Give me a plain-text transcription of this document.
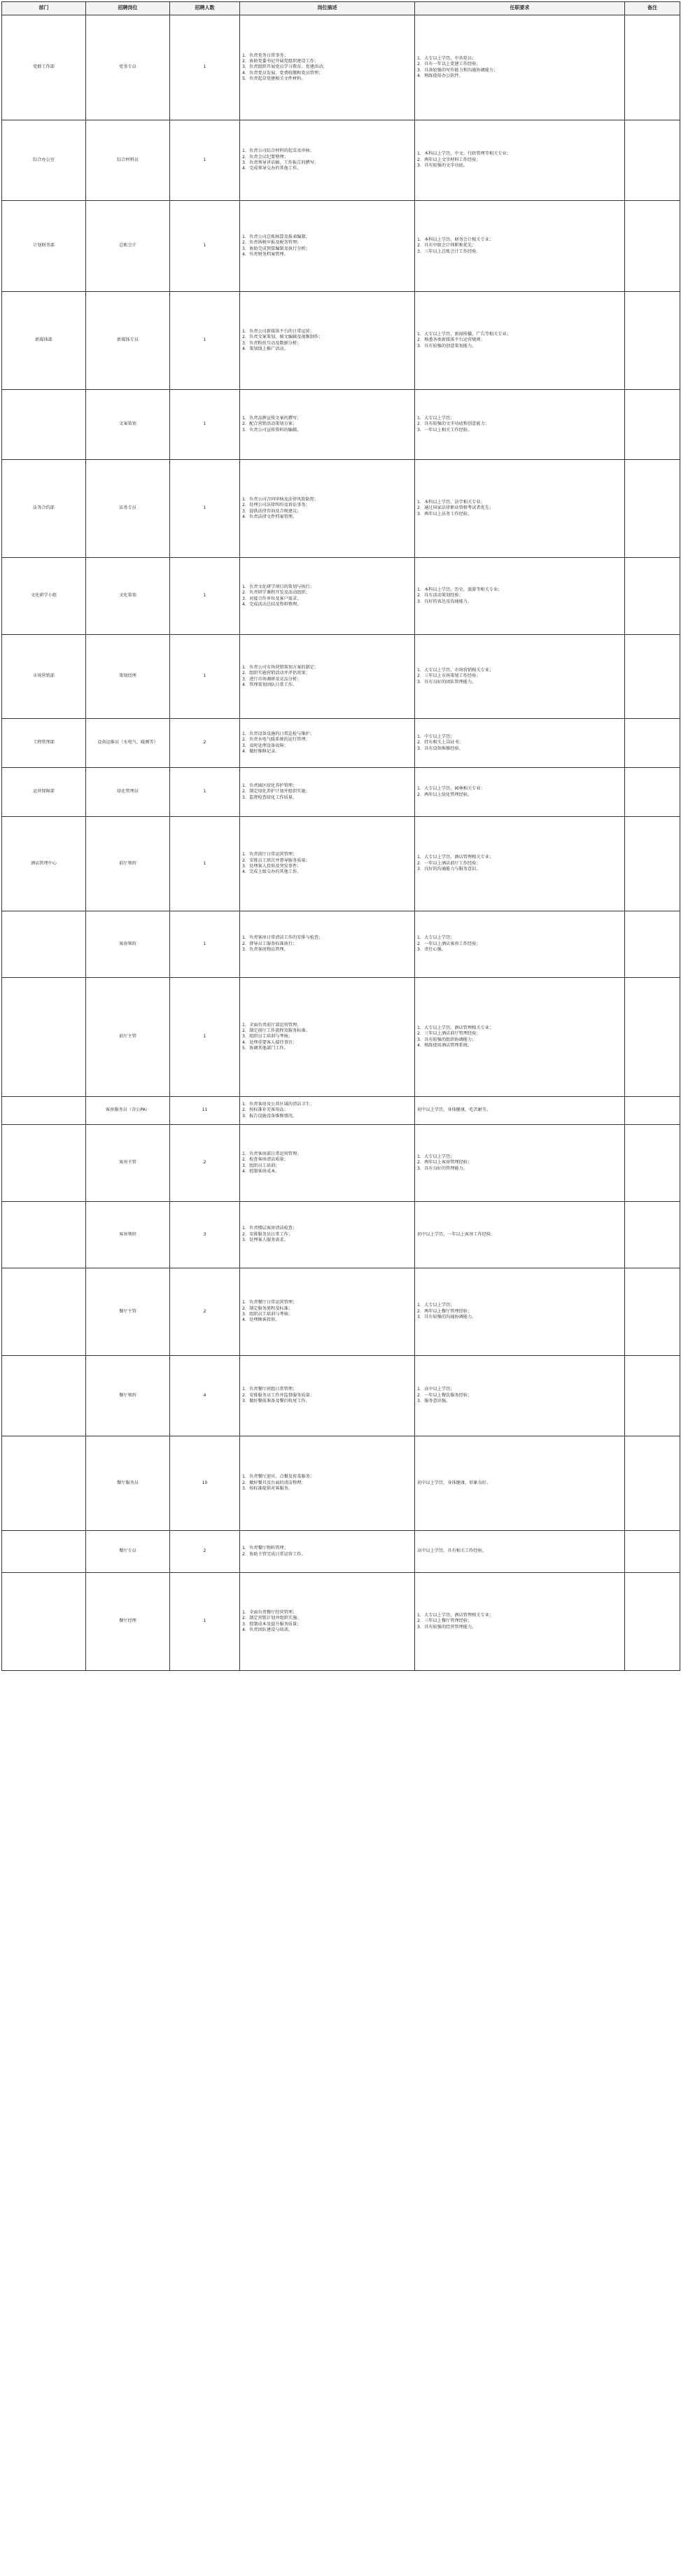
部门	招聘岗位	招聘人数	岗位描述	任职要求	备注
党群工作部	党务专员	1	1．负责党务日常事务；
2．协助党委书记开展党组织建设工作；
3．负责组织开展党员学习教育、党建活动；
4．负责党员发展、党费收缴和党员管理；
5．负责起草党建相关文件材料。	1．大专以上学历，中共党员；
2．具有一年以上党建工作经验；
3．具备较强的写作能力和沟通协调能力；
4．熟练使用办公软件。	

综合办公室	综合材料员	1	1．负责公司综合材料的起草及审核；
2．负责会议纪要整理；
3．负责领导讲话稿、工作报告的撰写；
4．完成领导交办的其他工作。	1．本科以上学历，中文、行政管理等相关专业；
2．两年以上文字材料工作经验；
3．具有较强的文字功底。	

计划财务部	总账会计	1	1．负责公司总账核算及报表编制；
2．负责纳税申报及税务管理；
3．协助完成预算编制及执行分析；
4．负责财务档案管理。	1．本科以上学历，财务会计相关专业；
2．具有中级会计师职称优先；
3．三年以上总账会计工作经验。	

新媒体部	新媒体专员	1	1．负责公司新媒体平台的日常运营；
2．负责文案策划、图文编辑及视频制作；
3．负责粉丝互动及数据分析；
4．策划线上推广活动。	1．大专以上学历，新闻传播、广告等相关专业；
2．熟悉各类新媒体平台运营规则；
3．具有较强的创意策划能力。	

	文案策划	1	1．负责品牌宣传文案的撰写；
2．配合营销活动策划方案；
3．负责公司宣传资料的编辑。	1．大专以上学历；
2．具有较强的文字功底和创意能力；
3．一年以上相关工作经验。	

法务合约部	法务专员	1	1．负责公司合同审核及法律风险防控；
2．处理公司法律纠纷及诉讼事务；
3．提供法律咨询及合规建议；
4．负责法律文件档案管理。	1．本科以上学历，法学相关专业；
2．通过国家法律职业资格考试者优先；
3．两年以上法务工作经验。	

文化研学小组	文化策划	1	1．负责文化研学项目的策划与执行；
2．负责研学课程开发及活动组织；
3．对接合作单位及客户需求；
4．完成活动总结及资料整理。	1．本科以上学历，历史、旅游等相关专业；
2．具有活动策划经验；
3．良好的表达及沟通能力。	

市场营销部	策划经理	1	1．负责公司市场营销策划方案的制定；
2．组织实施营销活动并评估效果；
3．进行市场调研及竞品分析；
4．管理策划团队日常工作。	1．大专以上学历，市场营销相关专业；
2．三年以上市场策划工作经验；
3．具有良好的团队管理能力。	

工程管理部	设备运维员（水电气、暖阀等）	2	1．负责设备设施的日常巡检与维护；
2．负责水电气暖系统的运行管理；
3．及时处理设备故障；
4．做好维修记录。	1．中专以上学历；
2．持有相关上岗证书；
3．具有设备维修经验。	

运营保障部	绿化管理员	1	1．负责园区绿化养护管理；
2．制定绿化养护计划并组织实施；
3．监督检查绿化工作质量。	1．大专以上学历，园林相关专业；
2．两年以上绿化管理经验。	

酒店管理中心	前厅领班	1	1．负责前厅日常运营管理；
2．安排员工班次并督导服务质量；
3．处理客人投诉及突发事件；
4．完成上级交办的其他工作。	1．大专以上学历，酒店管理相关专业；
2．一年以上酒店前厅工作经验；
3．良好的沟通能力与服务意识。	

	客房领班	1	1．负责客房日常清洁工作的安排与检查；
2．督导员工服务标准执行；
3．负责客房物品管理。	1．大专以上学历；
2．一年以上酒店客房工作经验；
3．责任心强。	

	前厅主管	1	1．全面负责前厅部运营管理；
2．制定前厅工作流程及服务标准；
3．组织员工培训与考核；
4．处理重要客人接待事宜；
5．协调其他部门工作。	1．大专以上学历，酒店管理相关专业；
2．三年以上酒店前厅管理经验；
3．具有较强的组织协调能力；
4．熟练使用酒店管理系统。	

	客房服务员（含公PA）	11	1．负责客房及公共区域的清洁卫生；
2．按标准补充客用品；
3．报告设施设备维修情况。	初中以上学历，身体健康，吃苦耐劳。	

	客房主管	2	1．负责客房部日常运营管理；
2．检查客房清洁质量；
3．组织员工培训；
4．控制客房成本。	1．大专以上学历；
2．两年以上客房管理经验；
3．具有良好的管理能力。	

	客房领班	3	1．负责楼层客房清洁检查；
2．安排服务员日常工作；
3．处理客人服务需求。	初中以上学历，一年以上客房工作经验。	

	餐厅主管	2	1．负责餐厅日常运营管理；
2．制定服务流程及标准；
3．组织员工培训与考核；
4．处理顾客投诉。	1．大专以上学历；
2．两年以上餐厅管理经验；
3．具有较强的沟通协调能力。	

	餐厅领班	4	1．负责餐厅班组日常管理；
2．安排服务员工作并监督服务质量；
3．做好餐前准备及餐后收尾工作。	1．高中以上学历；
2．一年以上餐饮服务经验；
3．服务意识强。	

	餐厅服务员	10	1．负责餐厅迎宾、点餐及传菜服务；
2．做好餐具及台面的清洁整理；
3．按标准提供对客服务。	初中以上学历，身体健康，形象良好。	

	餐厅专员	2	1．负责餐厅物料管理；
2．协助主管完成日常运营工作。	高中以上学历，具有相关工作经验。	

	餐厅经理	1	1．全面负责餐厅经营管理；
2．制定营销计划并组织实施；
3．控制成本及提升服务质量；
4．负责团队建设与培训。	1．大专以上学历，酒店管理相关专业；
2．三年以上餐厅管理经验；
3．具有较强的经营管理能力。	
